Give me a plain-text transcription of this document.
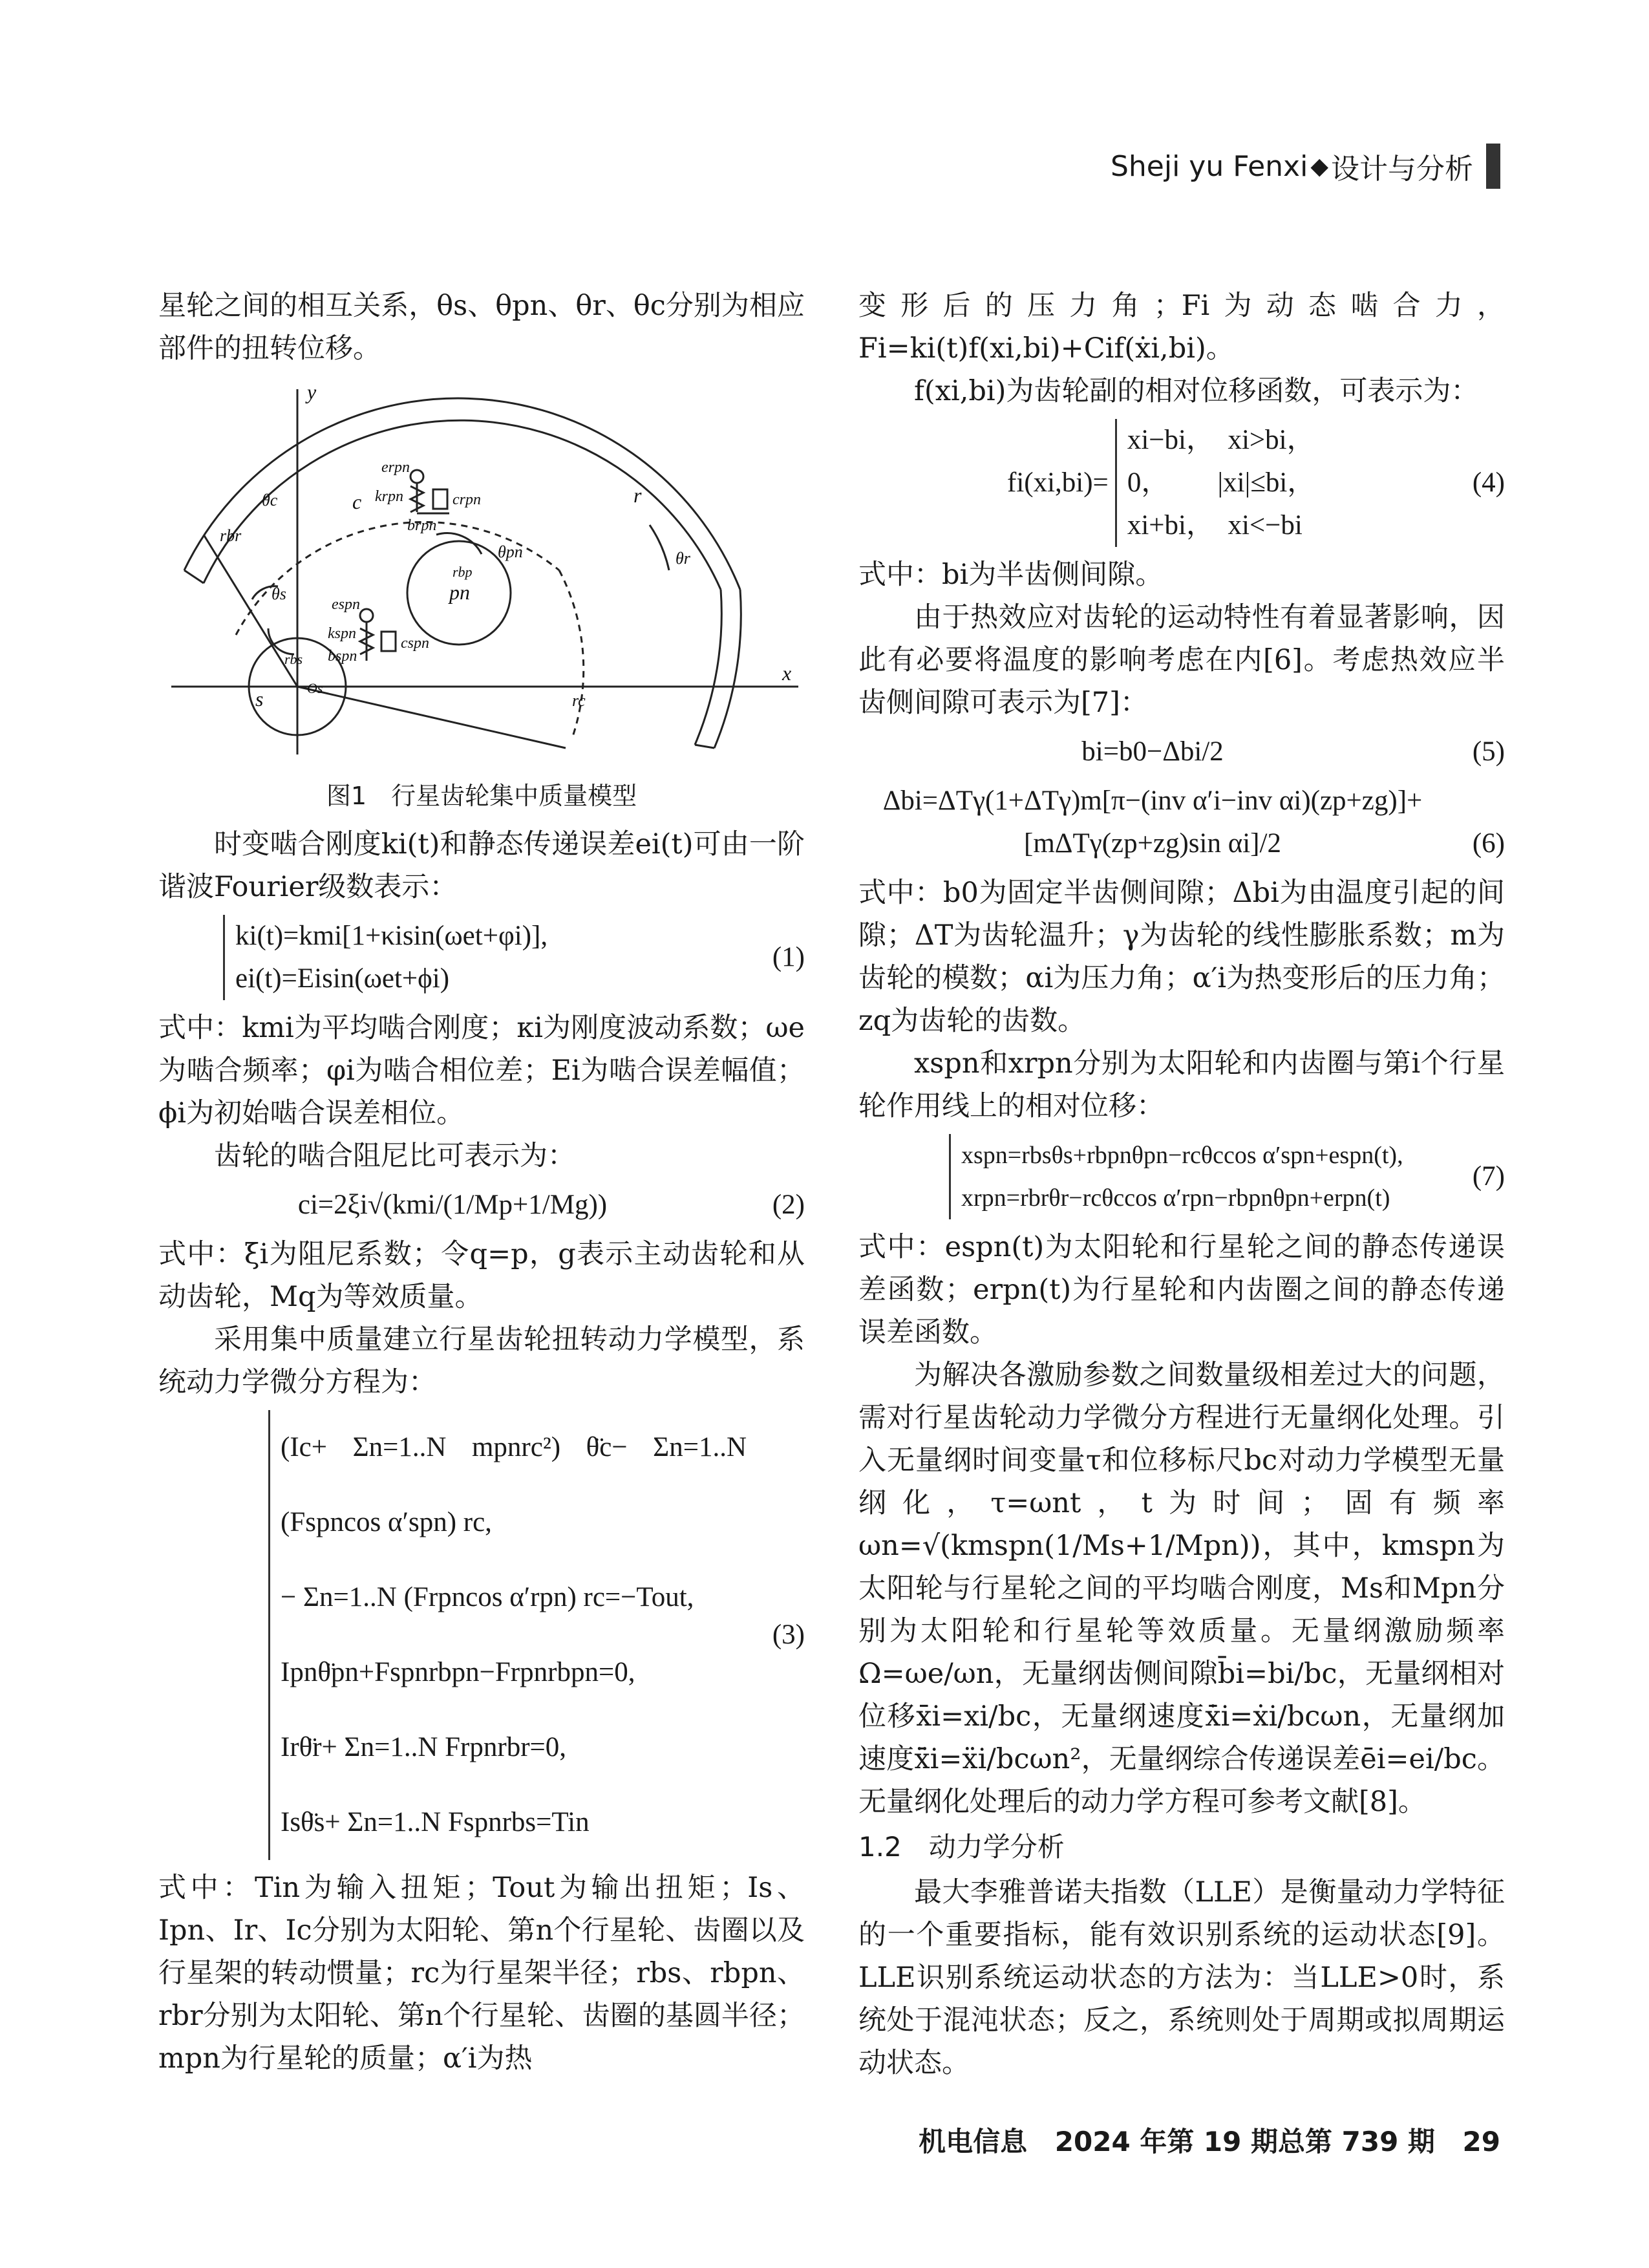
Sheji yu Fenxi ◆ 设计与分析

星轮之间的相互关系，θs、θpn、θr、θc分别为相应部件的扭转位移。

y
x
c	r
s
pn
θc
θs
θpn	θr
rbr
rc
rbs
rbp
Os
erpn
krpn	crpn
brpn
espn
kspn
bspn
cspn
图1　行星齿轮集中质量模型

时变啮合刚度ki(t)和静态传递误差ei(t)可由一阶谐波Fourier级数表示：

ki(t)=kmi[1+κisin(ωet+φi)],
ei(t)=Eisin(ωet+ϕi)
(1)

式中：kmi为平均啮合刚度；κi为刚度波动系数；ωe为啮合频率；φi为啮合相位差；Ei为啮合误差幅值；ϕi为初始啮合误差相位。

齿轮的啮合阻尼比可表示为：

ci=2ξi√(kmi/(1/Mp+1/Mg))	(2)

式中：ξi为阻尼系数；令q=p，g表示主动齿轮和从动齿轮，Mq为等效质量。

采用集中质量建立行星齿轮扭转动力学模型，系统动力学微分方程为：

(Ic+ Σn=1..N mpnrc²) θ̈c− Σn=1..N (Fspncos α′spn) rc,
− Σn=1..N (Frpncos α′rpn) rc=−Tout,
Ipnθ̈pn+Fspnrbpn−Frpnrbpn=0,
Irθ̈r+ Σn=1..N Frpnrbr=0,
Isθ̈s+ Σn=1..N Fspnrbs=Tin
(3)

式中：Tin为输入扭矩；Tout为输出扭矩；Is、Ipn、Ir、Ic分别为太阳轮、第n个行星轮、齿圈以及行星架的转动惯量；rc为行星架半径；rbs、rbpn、rbr分别为太阳轮、第n个行星轮、齿圈的基圆半径；mpn为行星轮的质量；α′i为热

变形后的压力角；Fi为动态啮合力，Fi=ki(t)f(xi,bi)+Cif(ẋi,bi)。

f(xi,bi)为齿轮副的相对位移函数，可表示为：

fi(xi,bi)=
xi−bi，　xi>bi，
0，　　 |xi|≤bi，
xi+bi，　xi<−bi
(4)

式中：bi为半齿侧间隙。

由于热效应对齿轮的运动特性有着显著影响，因此有必要将温度的影响考虑在内[6]。考虑热效应半齿侧间隙可表示为[7]：

bi=b0−Δbi/2	(5)
Δbi=ΔTγ(1+ΔTγ)m[π−(inv α′i−inv αi)(zp+zg)]+
[mΔTγ(zp+zg)sin αi]/2	(6)

式中：b0为固定半齿侧间隙；Δbi为由温度引起的间隙；ΔT为齿轮温升；γ为齿轮的线性膨胀系数；m为齿轮的模数；αi为压力角；α′i为热变形后的压力角；zq为齿轮的齿数。

xspn和xrpn分别为太阳轮和内齿圈与第i个行星轮作用线上的相对位移：

xspn=rbsθs+rbpnθpn−rcθccos α′spn+espn(t),
xrpn=rbrθr−rcθccos α′rpn−rbpnθpn+erpn(t)
(7)

式中：espn(t)为太阳轮和行星轮之间的静态传递误差函数；erpn(t)为行星轮和内齿圈之间的静态传递误差函数。

为解决各激励参数之间数量级相差过大的问题，需对行星齿轮动力学微分方程进行无量纲化处理。引入无量纲时间变量τ和位移标尺bc对动力学模型无量纲化，τ=ωnt，t为时间；固有频率ωn=√(kmspn(1/Ms+1/Mpn))，其中，kmspn为太阳轮与行星轮之间的平均啮合刚度，Ms和Mpn分别为太阳轮和行星轮等效质量。无量纲激励频率Ω=ωe/ωn，无量纲齿侧间隙b̄i=bi/bc，无量纲相对位移x̄i=xi/bc，无量纲速度x̄̇i=ẋi/bcωn，无量纲加速度x̄̈i=ẍi/bcωn²，无量纲综合传递误差ēi=ei/bc。无量纲化处理后的动力学方程可参考文献[8]。

1.2　动力学分析

最大李雅普诺夫指数（LLE）是衡量动力学特征的一个重要指标，能有效识别系统的运动状态[9]。LLE识别系统运动状态的方法为：当LLE>0时，系统处于混沌状态；反之，系统则处于周期或拟周期运动状态。

机电信息 2024 年第 19 期总第 739 期 29
